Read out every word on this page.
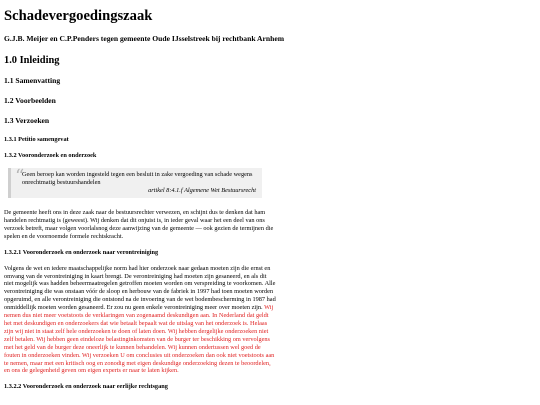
Schadevergoedingszaak
G.J.B. Meijer en C.P.Penders tegen gemeente Oude IJsselstreek bij rechtbank Arnhem
1.0 Inleiding
1.1 Samenvatting
1.2 Voorbeelden
1.3 Verzoeken
1.3.1 Petitio samengevat
1.3.2 Vooronderzoek en onderzoek
“
Geen beroep kan worden ingesteld tegen een besluit in zake vergoeding van schade wegens onrechtmatig bestuurshandelen
artikel 8:4.1.f Algemene Wet Bestuursrecht

De gemeente heeft ons in deze zaak naar de bestuursrechter verwezen, en schijnt dus te denken dat ham handelen rechtmatig is (geweest). Wij denken dat dit onjuist is, in ieder geval waar het een deel van ons verzoek betreft, maar volgen voorlalsnog deze aanwijzing van de gemeente — ook gezien de termijnen die spelen en de voornoemde formele rechtskracht.

1.3.2.1 Vooronderzoek en onderzoek naar verontreiniging

Volgens de wet en iedere maatschappelijke norm had hier onderzoek naar gedaan moeten zijn die ernst en omvang van de verontreiniging in kaart brengt. De verontreiniging had moeten zijn gesaneerd, en als dit niet mogelijk was hadden beheermaatregelen getroffen moeten worden om verspreiding te voorkomen. Alle verontreiniging die was onstaan vóór de sloop en herbouw van de fabriek in 1997 had toen moeten worden opgeruimd, en alle verontreiniging die ontstond na de invoering van de wet bodembescherming in 1987 had onmiddellijk moeten worden gesaneerd. Er zou nu geen enkele verontreiniging meer over moeten zijn. Wij nemen dus niet meer voetstoots de verklaringen van zogenaamd deskundigen aan. In Nederland dat geldt het met deskundigen en onderzoekers dat wie betaalt bepaalt wat de uitslag van het onderzoek is. Helaas zijn wij niet in staat zelf hele onderzoeken te doen of laten doen. Wij hebben dergelijke onderzoeken niet zelf betalen. Wij hebben geen eindeloze belastinginkomsten van de burger ter beschikking om vervolgens met het geld van de burger deze oneerlijk te kunnen behandelen. Wij kunnen ondertussen wel goed de fouten in onderzoeken vinden. Wij verzoeken U om conclusies uit onderzoeken dan ook niet voetstoots aan te nemen, maar met een kritisch oog en zonodig met eigen deskundige onderzoeking dezen te beoordelen, en ons de gelegenheid geven om eigen experts er naar te laten kijken.

1.3.2.2 Vooronderzoek en onderzoek naar eerlijke rechtsgang
